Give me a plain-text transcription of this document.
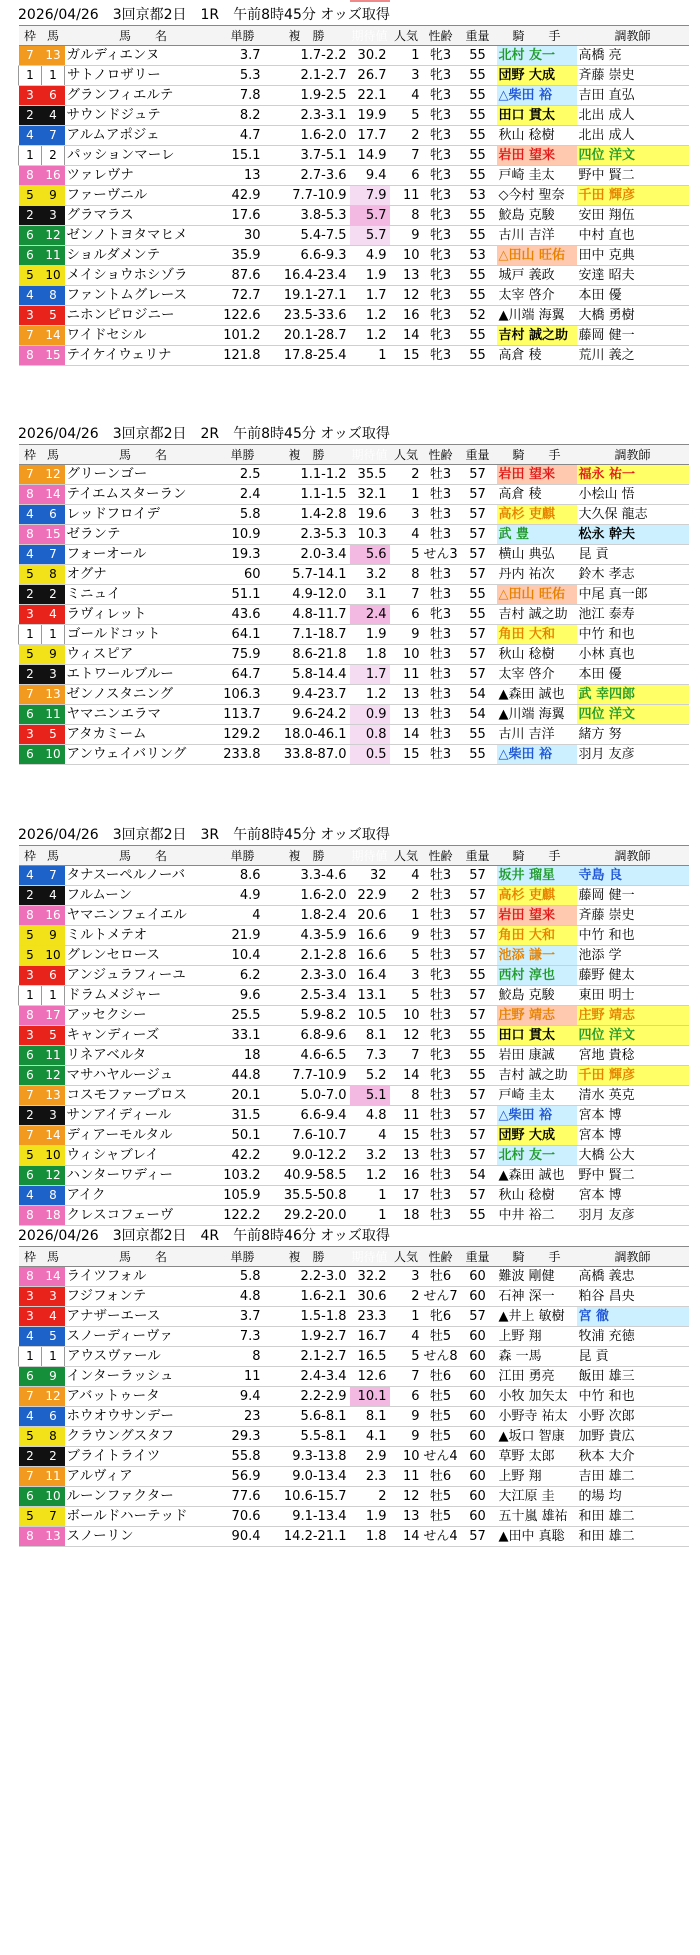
2026/04/26　3回京都2日　1R　午前8時45分 オッズ取得
枠	馬	馬　　名	単勝	複　勝	期待値	人気	性齢	重量	騎　　手	調教師
7	13	ガルディエンヌ	3.7	1.7-2.2	30.2	1	牝3	55	北村 友一	高橋 亮
1	1	サトノロザリー	5.3	2.1-2.7	26.7	3	牝3	55	団野 大成	斉藤 崇史
3	6	グランフィエルテ	7.8	1.9-2.5	22.1	4	牝3	55	△柴田 裕	吉田 直弘
2	4	サウンドジュテ	8.2	2.3-3.1	19.9	5	牝3	55	田口 貫太	北出 成人
4	7	アルムアポジェ	4.7	1.6-2.0	17.7	2	牝3	55	秋山 稔樹	北出 成人
1	2	パッションマーレ	15.1	3.7-5.1	14.9	7	牝3	55	岩田 望来	四位 洋文
8	16	ツァレヴナ	13	2.7-3.6	9.4	6	牝3	55	戸崎 圭太	野中 賢二
5	9	ファーヴニル	42.9	7.7-10.9	7.9	11	牝3	53	◇今村 聖奈	千田 輝彦
2	3	グラマラス	17.6	3.8-5.3	5.7	8	牝3	55	鮫島 克駿	安田 翔伍
6	12	ゼンノトヨタマヒメ	30	5.4-7.5	5.7	9	牝3	55	古川 吉洋	中村 直也
6	11	ショルダメンテ	35.9	6.6-9.3	4.9	10	牝3	53	△田山 旺佑	田中 克典
5	10	メイショウホシゾラ	87.6	16.4-23.4	1.9	13	牝3	55	城戸 義政	安達 昭夫
4	8	ファントムグレース	72.7	19.1-27.1	1.7	12	牝3	55	太宰 啓介	本田 優
3	5	ニホンピロジニー	122.6	23.5-33.6	1.2	16	牝3	52	▲川端 海翼	大橋 勇樹
7	14	ワイドセシル	101.2	20.1-28.7	1.2	14	牝3	55	吉村 誠之助	藤岡 健一
8	15	テイケイウェリナ	121.8	17.8-25.4	1	15	牝3	55	高倉 稜	荒川 義之
2026/04/26　3回京都2日　2R　午前8時45分 オッズ取得
枠	馬	馬　　名	単勝	複　勝	期待値	人気	性齢	重量	騎　　手	調教師
7	12	グリーンゴー	2.5	1.1-1.2	35.5	2	牡3	57	岩田 望来	福永 祐一
8	14	テイエムスターラン	2.4	1.1-1.5	32.1	1	牡3	57	高倉 稜	小桧山 悟
4	6	レッドフロイデ	5.8	1.4-2.8	19.6	3	牡3	57	高杉 吏麒	大久保 龍志
8	15	ゼランテ	10.9	2.3-5.3	10.3	4	牡3	57	武 豊	松永 幹夫
4	7	フォーオール	19.3	2.0-3.4	5.6	5	せん3	57	横山 典弘	昆 貢
5	8	オグナ	60	5.7-14.1	3.2	8	牡3	57	丹内 祐次	鈴木 孝志
2	2	ミニュイ	51.1	4.9-12.0	3.1	7	牡3	55	△田山 旺佑	中尾 真一郎
3	4	ラヴィレット	43.6	4.8-11.7	2.4	6	牝3	55	吉村 誠之助	池江 泰寿
1	1	ゴールドコット	64.1	7.1-18.7	1.9	9	牡3	57	角田 大和	中竹 和也
5	9	ウィスピア	75.9	8.6-21.8	1.8	10	牡3	57	秋山 稔樹	小林 真也
2	3	エトワールブルー	64.7	5.8-14.4	1.7	11	牡3	57	太宰 啓介	本田 優
7	13	ゼンノスタニング	106.3	9.4-23.7	1.2	13	牡3	54	▲森田 誠也	武 幸四郎
6	11	ヤマニンエラマ	113.7	9.6-24.2	0.9	13	牡3	54	▲川端 海翼	四位 洋文
3	5	アタカミーム	129.2	18.0-46.1	0.8	14	牡3	55	古川 吉洋	緒方 努
6	10	アンウェイバリング	233.8	33.8-87.0	0.5	15	牡3	55	△柴田 裕	羽月 友彦
2026/04/26　3回京都2日　3R　午前8時45分 オッズ取得
枠	馬	馬　　名	単勝	複　勝	期待値	人気	性齢	重量	騎　　手	調教師
4	7	タナスーペルノーバ	8.6	3.3-4.6	32	4	牡3	57	坂井 瑠星	寺島 良
2	4	フルムーン	4.9	1.6-2.0	22.9	2	牡3	57	高杉 吏麒	藤岡 健一
8	16	ヤマニンフェイエル	4	1.8-2.4	20.6	1	牡3	57	岩田 望来	斉藤 崇史
5	9	ミルトメテオ	21.9	4.3-5.9	16.6	9	牡3	57	角田 大和	中竹 和也
5	10	グレンセロース	10.4	2.1-2.8	16.6	5	牡3	57	池添 謙一	池添 学
3	6	アンジュラフィーユ	6.2	2.3-3.0	16.4	3	牝3	55	西村 淳也	藤野 健太
1	1	ドラムメジャー	9.6	2.5-3.4	13.1	5	牡3	57	鮫島 克駿	東田 明士
8	17	アッセクシー	25.5	5.9-8.2	10.5	10	牡3	57	庄野 靖志	庄野 靖志
3	5	キャンディーズ	33.1	6.8-9.6	8.1	12	牝3	55	田口 貫太	四位 洋文
6	11	リネアベルタ	18	4.6-6.5	7.3	7	牝3	55	岩田 康誠	宮地 貴稔
6	12	マサハヤルージュ	44.8	7.7-10.9	5.2	14	牝3	55	吉村 誠之助	千田 輝彦
7	13	コスモファーブロス	20.1	5.0-7.0	5.1	8	牡3	57	戸崎 圭太	清水 英克
2	3	サンアイディール	31.5	6.6-9.4	4.8	11	牡3	57	△柴田 裕	宮本 博
7	14	ディアーモルタル	50.1	7.6-10.7	4	15	牡3	57	団野 大成	宮本 博
5	10	ウィシャブレイ	42.2	9.0-12.2	3.2	13	牡3	57	北村 友一	大橋 公大
6	12	ハンターワディー	103.2	40.9-58.5	1.2	16	牡3	54	▲森田 誠也	野中 賢二
4	8	アイク	105.9	35.5-50.8	1	17	牡3	57	秋山 稔樹	宮本 博
8	18	クレスコフェーヴ	122.2	29.2-20.0	1	18	牡3	55	中井 裕二	羽月 友彦
2026/04/26　3回京都2日　4R　午前8時46分 オッズ取得
枠	馬	馬　　名	単勝	複　勝	期待値	人気	性齢	重量	騎　　手	調教師
8	14	ライツフォル	5.8	2.2-3.0	32.2	3	牡6	60	難波 剛健	高橋 義忠
3	3	フジフォンテ	4.8	1.6-2.1	30.6	2	せん7	60	石神 深一	粕谷 昌央
3	4	アナザーエース	3.7	1.5-1.8	23.3	1	牝6	57	▲井上 敏樹	宮 徹
4	5	スノーディーヴァ	7.3	1.9-2.7	16.7	4	牡5	60	上野 翔	牧浦 充徳
1	1	アウスヴァール	8	2.1-2.7	16.5	5	せん8	60	森 一馬	昆 貢
6	9	インターラッシュ	11	2.4-3.4	12.6	7	牡6	60	江田 勇亮	飯田 雄三
7	12	アバットゥータ	9.4	2.2-2.9	10.1	6	牡5	60	小牧 加矢太	中竹 和也
4	6	ホウオウサンデー	23	5.6-8.1	8.1	9	牡5	60	小野寺 祐太	小野 次郎
5	8	クラウングスタフ	29.3	5.5-8.1	4.1	9	牡5	60	▲坂口 智康	加野 貴広
2	2	ブライトライツ	55.8	9.3-13.8	2.9	10	せん4	60	草野 太郎	秋本 大介
7	11	アルヴィア	56.9	9.0-13.4	2.3	11	牡6	60	上野 翔	吉田 雄二
6	10	ルーンファクター	77.6	10.6-15.7	2	12	牡5	60	大江原 圭	的場 均
5	7	ボールドハーテッド	70.6	9.1-13.4	1.9	13	牡5	60	五十嵐 雄祐	和田 雄二
8	13	スノーリン	90.4	14.2-21.1	1.8	14	せん4	57	▲田中 真聡	和田 雄二
